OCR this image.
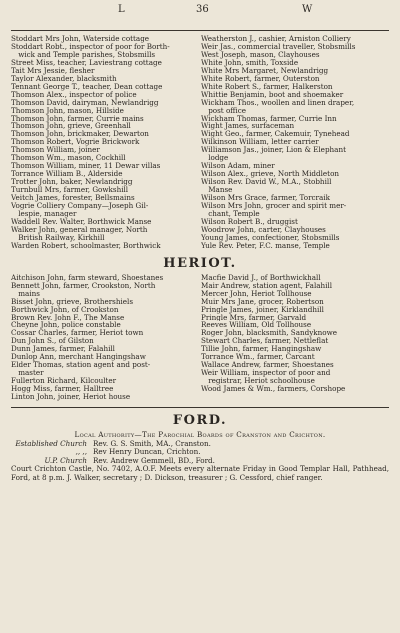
L	36	W
Stoddart Mrs John, Waterside cottage
Stoddart Robt., inspector of poor for Borth-
 wick and Temple parishes, Stobsmills
Street Miss, teacher, Laviestrang cottage
Tait Mrs Jessie, flesher
Taylor Alexander, blacksmith
Tennant George T., teacher, Dean cottage
Thomson Alex., inspector of police
Thomson David, dairyman, Newlandrigg
Thomson John, mason, Hillside
Thomson John, farmer, Currie mains
Thomson John, grieve, Greenhall
Thomson John, brickmaker, Dewarton
Thomson Robert, Vogrie Brickwork
Thomson William, joiner
Thomson Wm., mason, Cockhill
Thomson William, miner, 11 Dewar villas
Torrance William B., Alderside
Trotter John, baker, Newlandrigg
Turnbull Mrs, farmer, Gowkshill
Veitch James, forester, Bellsmains
Vogrie Colliery Company—Joseph Gil-
 lespie, manager
Waddell Rev. Walter, Borthwick Manse
Walker John, general manager, North
 British Railway, Kirkhill
Warden Robert, schoolmaster, Borthwick
Weatherston J., cashier, Arniston Colliery
Weir Jas., commercial traveller, Stobsmills
West Joseph, mason, Clayhouses
White John, smith, Toxside
White Mrs Margaret, Newlandrigg
White Robert, farmer, Outerston
White Robert S., farmer, Halkerston
Whittie Benjamin, boot and shoemaker
Wickham Thos., woollen and linen draper,
 post office
Wickham Thomas, farmer, Currie Inn
Wight James, surfaceman
Wight Geo., farmer, Cakemuir, Tynehead
Wilkinson William, letter carrier
Williamson Jas., joiner, Lion & Elephant
 lodge
Wilson Adam, miner
Wilson Alex., grieve, North Middleton
Wilson Rev. David W., M.A., Stobhill
 Manse
Wilson Mrs Grace, farmer, Torcraik
Wilson Mrs John, grocer and spirit mer-
 chant, Temple
Wilson Robert B., druggist
Woodrow John, carter, Clayhouses
Young James, confectioner, Stobsmills
Yule Rev. Peter, F.C. manse, Temple
HERIOT.
Aitchison John, farm steward, Shoestanes
Bennett John, farmer, Crookston, North
 mains
Bisset John, grieve, Brothershiels
Borthwick John, of Crookston
Brown Rev. John F., The Manse
Cheyne John, police constable
Cossar Charles, farmer, Heriot town
Dun John S., of Gilston
Dunn James, farmer, Falahill
Dunlop Ann, merchant Hangingshaw
Elder Thomas, station agent and post-
 master
Fullerton Richard, Kilcoulter
Hogg Miss, farmer, Halltree
Linton John, joiner, Heriot house
Macfie David J., of Borthwickhall
Mair Andrew, station agent, Falahill
Mercer John, Heriot Tollhouse
Muir Mrs Jane, grocer, Robertson
Pringle James, joiner, Kirklandhill
Pringle Mrs, farmer, Garvald
Reeves William, Old Tollhouse
Roger John, blacksmith, Sandyknowe
Stewart Charles, farmer, Nettleflat
Tillie John, farmer, Hangingshaw
Torrance Wm., farmer, Carcant
Wallace Andrew, farmer, Shoestanes
Weir William, inspector of poor and
 registrar, Heriot schoolhouse
Wood James & Wm., farmers, Corshope
FORD.
Local Authority—The Parochial Boards of Cranston and Crichton.
Established Church Rev. G. S. Smith, MA., Cranston.
,, ,, Rev Henry Duncan, Crichton.
U.P. Church Rev. Andrew Gemmell, BD., Ford.
Court Crichton Castle, No. 7402, A.O.F. Meets every alternate Friday in Good Templar Hall, Pathhead, Ford, at 8 p.m. J. Walker, secretary ; D. Dickson, treasurer ; G. Cessford, chief ranger.
